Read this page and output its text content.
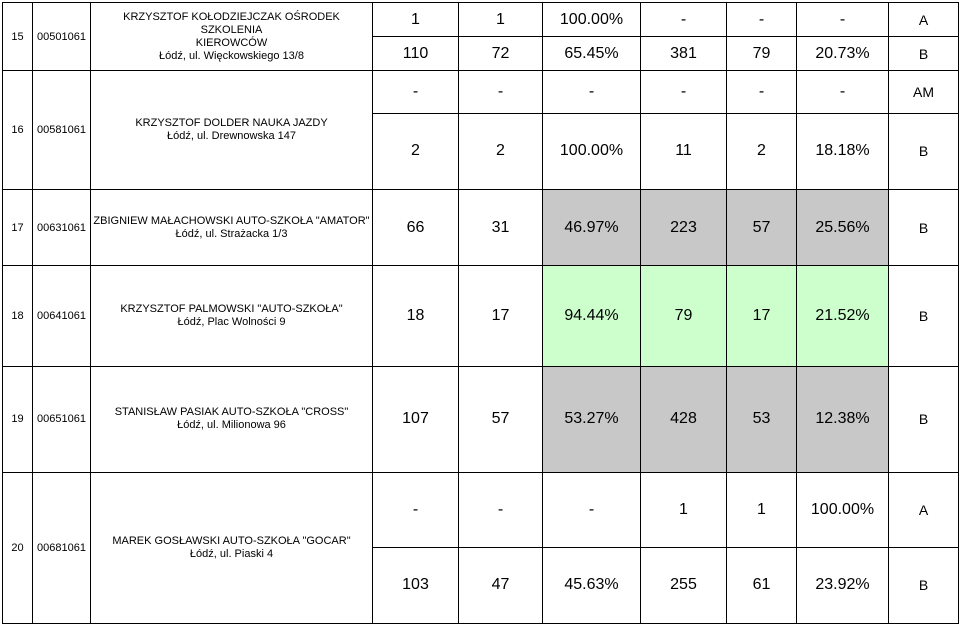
15	00501061	KRZYSZTOF KOŁODZIEJCZAK OŚRODEK SZKOLENIA
KIEROWCÓW
Łódź, ul. Więckowskiego 13/8	1	1	100.00%	-	-	-	A
			110	72	65.45%	381	79	20.73%	B
16	00581061	KRZYSZTOF DOLDER NAUKA JAZDY
Łódź, ul. Drewnowska 147	-	-	-	-	-	-	AM
			2	2	100.00%	11	2	18.18%	B
17	00631061	ZBIGNIEW MAŁACHOWSKI AUTO-SZKOŁA "AMATOR"
Łódź, ul. Strażacka 1/3	66	31	46.97%	223	57	25.56%	B
18	00641061	KRZYSZTOF PALMOWSKI "AUTO-SZKOŁA"
Łódź, Plac Wolności 9	18	17	94.44%	79	17	21.52%	B
19	00651061	STANISŁAW PASIAK AUTO-SZKOŁA "CROSS"
Łódź, ul. Milionowa 96	107	57	53.27%	428	53	12.38%	B
20	00681061	MAREK GOSŁAWSKI AUTO-SZKOŁA "GOCAR"
Łódź, ul. Piaski 4	-	-	-	1	1	100.00%	A
			103	47	45.63%	255	61	23.92%	B
